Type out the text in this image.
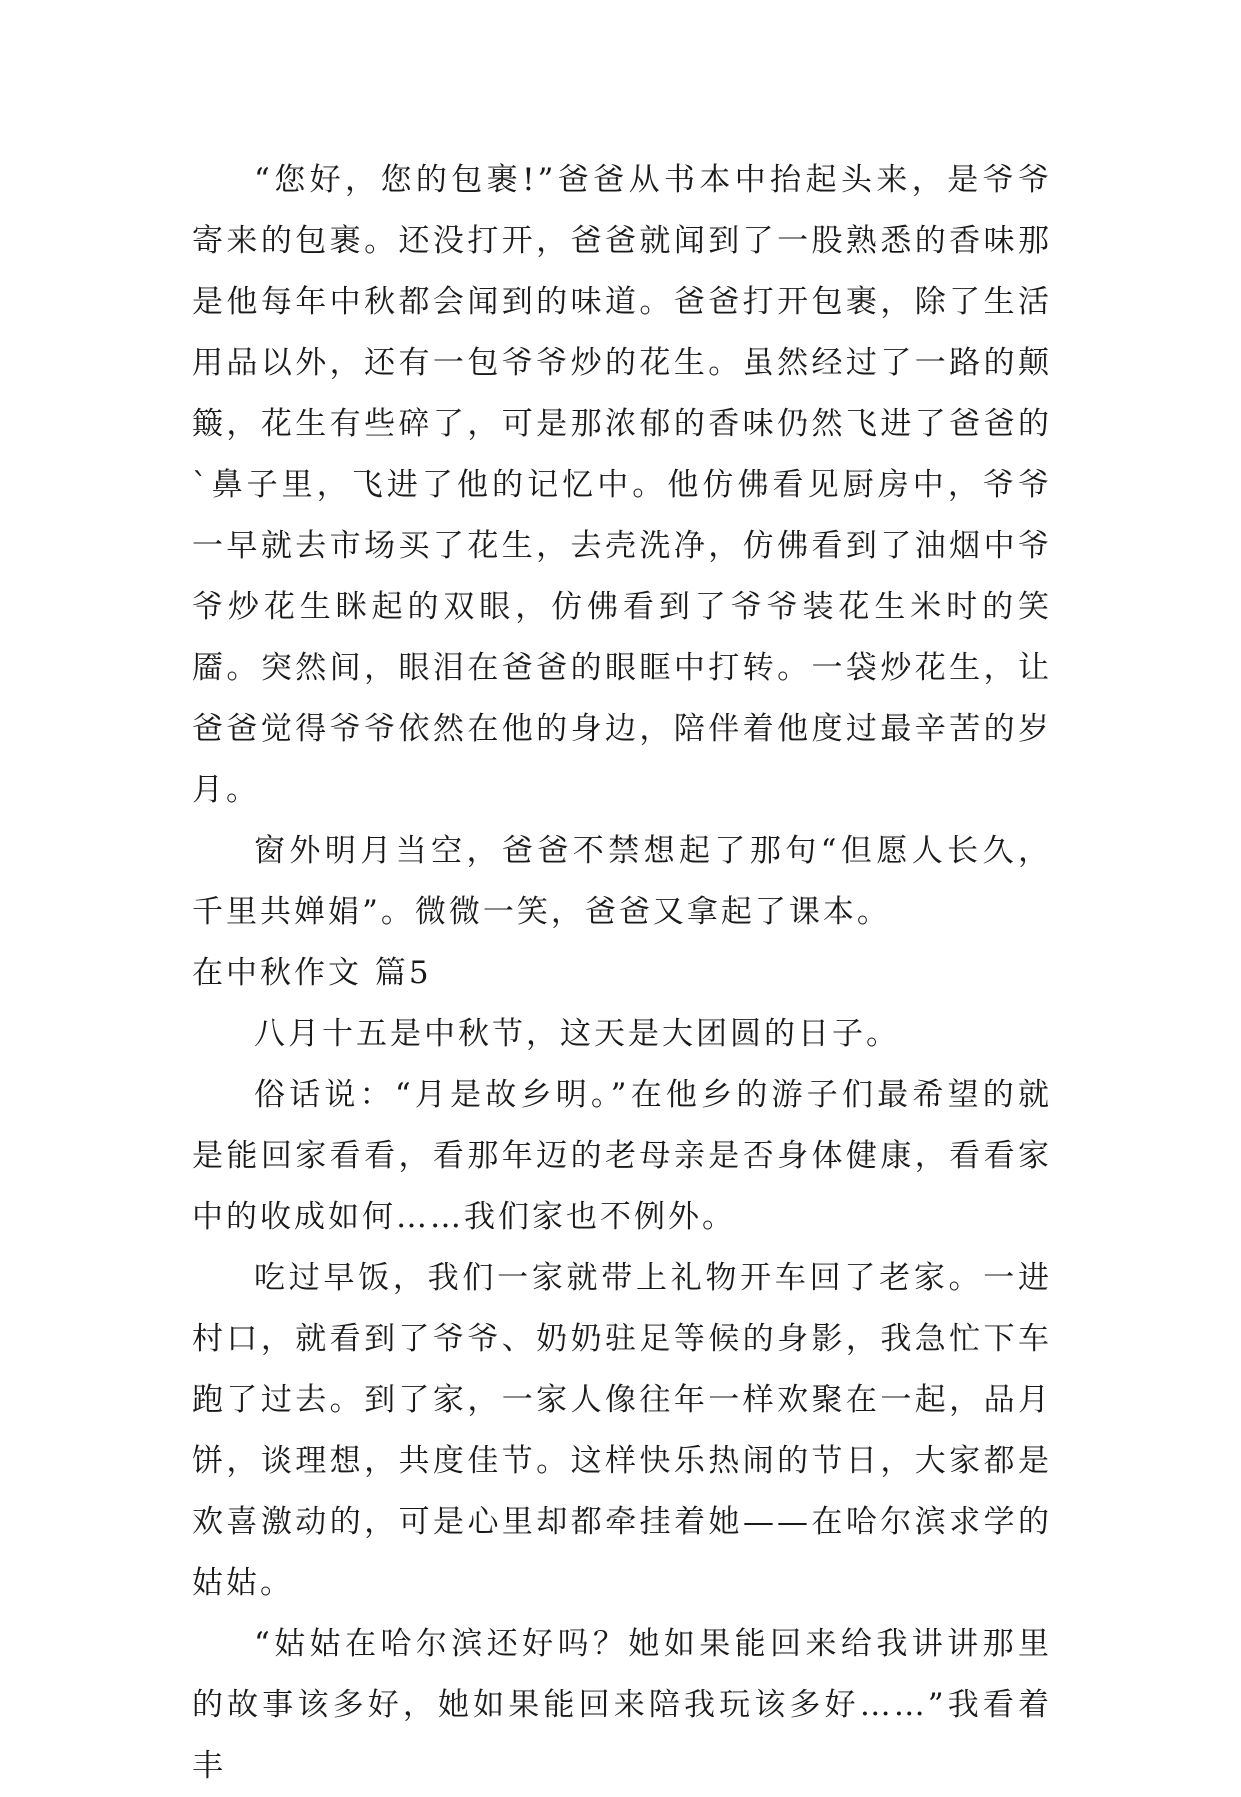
“您好，您的包裹!”爸爸从书本中抬起头来，是爷爷寄来的包裹。还没打开，爸爸就闻到了一股熟悉的香味那是他每年中秋都会闻到的味道。爸爸打开包裹，除了生活用品以外，还有一包爷爷炒的花生。虽然经过了一路的颠簸，花生有些碎了，可是那浓郁的香味仍然飞进了爸爸的`鼻子里，飞进了他的记忆中。他仿佛看见厨房中，爷爷一早就去市场买了花生，去壳洗净，仿佛看到了油烟中爷爷炒花生眯起的双眼，仿佛看到了爷爷装花生米时的笑靥。突然间，眼泪在爸爸的眼眶中打转。一袋炒花生，让爸爸觉得爷爷依然在他的身边，陪伴着他度过最辛苦的岁月。

窗外明月当空，爸爸不禁想起了那句“但愿人长久，千里共婵娟”。微微一笑，爸爸又拿起了课本。

在中秋作文 篇5

八月十五是中秋节，这天是大团圆的日子。

俗话说：“月是故乡明。”在他乡的游子们最希望的就是能回家看看，看那年迈的老母亲是否身体健康，看看家中的收成如何……我们家也不例外。

吃过早饭，我们一家就带上礼物开车回了老家。一进村口，就看到了爷爷、奶奶驻足等候的身影，我急忙下车跑了过去。到了家，一家人像往年一样欢聚在一起，品月饼，谈理想，共度佳节。这样快乐热闹的节日，大家都是欢喜激动的，可是心里却都牵挂着她——在哈尔滨求学的姑姑。

“姑姑在哈尔滨还好吗？她如果能回来给我讲讲那里的故事该多好，她如果能回来陪我玩该多好……”我看着丰
